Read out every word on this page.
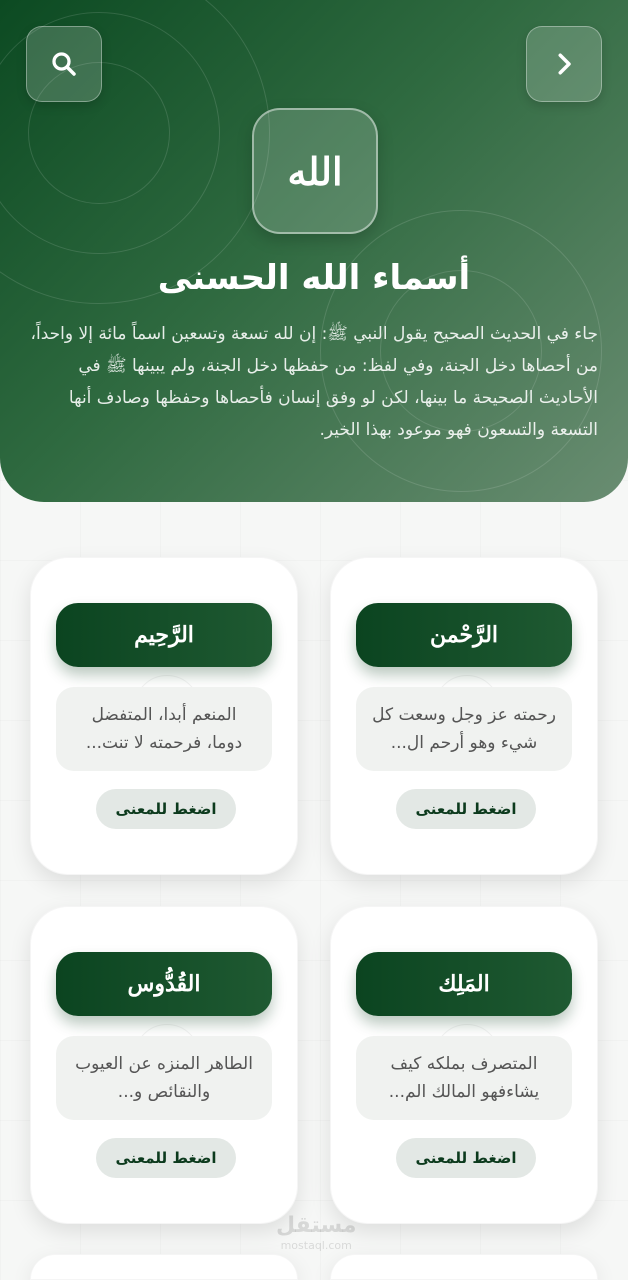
الله
أسماء الله الحسنى
جاء في الحديث الصحيح يقول النبي ﷺ: إن لله تسعة وتسعين اسماً مائة إلا واحداً، من أحصاها دخل الجنة، وفي لفظ: من حفظها دخل الجنة، ولم يبينها ﷺ في الأحاديث الصحيحة ما بينها، لكن لو وفق إنسان فأحصاها وحفظها وصادف أنها التسعة والتسعون فهو موعود بهذا الخير.
الرَّحْمن
رحمته عز وجل وسعت كل شيء وهو أرحم ال...
اضغط للمعنى
الرَّحِيم
المنعم أبدا، المتفضل دوما، فرحمته لا تنت...
اضغط للمعنى
المَلِك
المتصرف بملكه كيف يشاءفهو المالك الم...
اضغط للمعنى
القُدُّوس
الطاهر المنزه عن العيوب والنقائص و...
اضغط للمعنى
مستقل
mostaql.com
